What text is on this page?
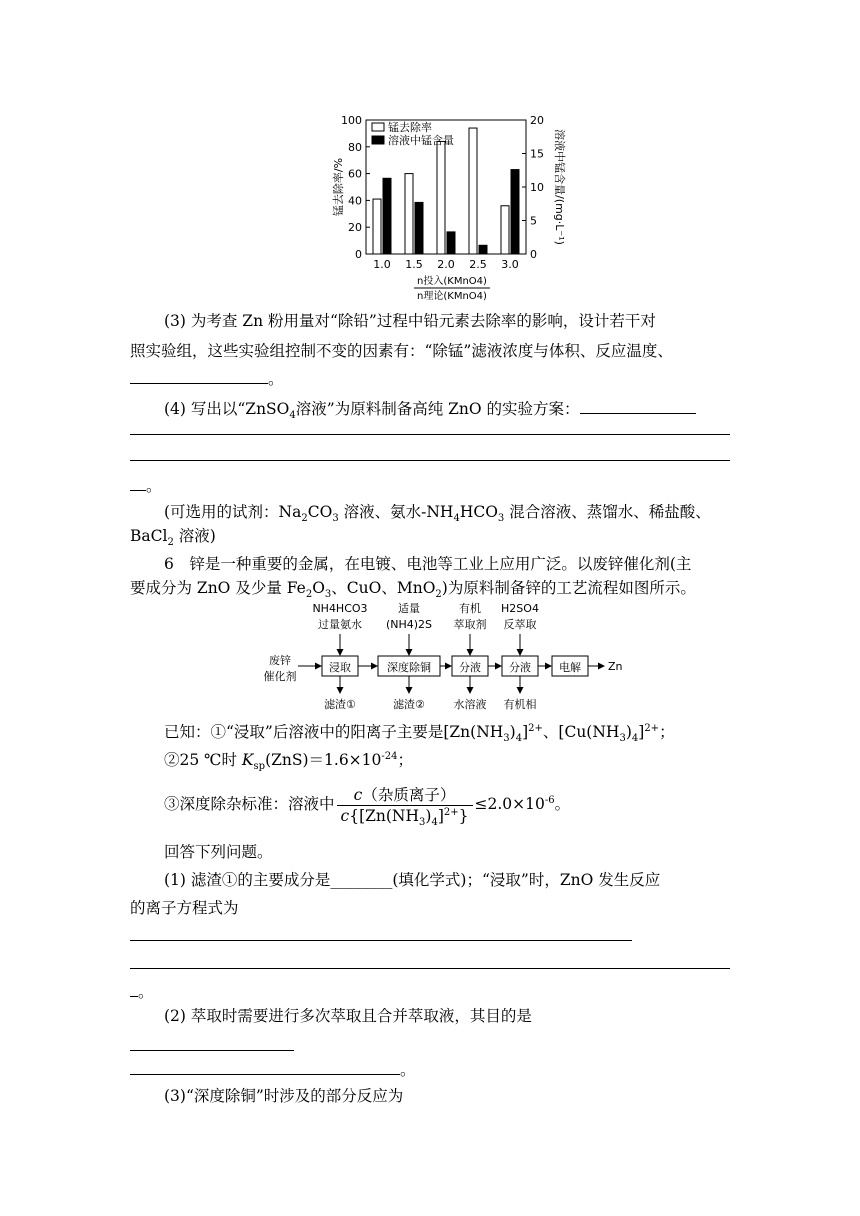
0
20
40
60
80
100
0
5
10
15
20
1.0 1.5 2.0 2.5 3.0
锰去除率
溶液中锰含量
锰去除率/%	溶液中锰含量/(mg·L⁻¹)
n投入(KMnO4)
n理论(KMnO4)
(3) 为考查 Zn 粉用量对“除铅”过程中铅元素去除率的影响，设计若干对
照实验组，这些实验组控制不变的因素有：“除锰”滤液浓度与体积、反应温度、
。
(4) 写出以“ZnSO$_4$溶液”为原料制备高纯 ZnO 的实验方案：
。
(可选用的试剂：$Na_2CO_3$ 溶液、氨水$-NH_4HCO_3$ 混合溶液、蒸馏水、稀盐酸、
BaCl$_2$ 溶液)
6　锌是一种重要的金属，在电镀、电池等工业上应用广泛。以废锌催化剂(主
要成分为 ZnO 及少量 $Fe_2O_3$、CuO、MnO$_2$)为原料制备锌的工艺流程如图所示。
NH4HCO3
过量氨水
适量
(NH4)2S
有机
萃取剂
H2SO4
反萃取
废锌
催化剂
浸取	深度除铜	分液	分液	电解 Zn
滤渣①	滤渣②	水溶液 有机相
已知：①“浸取”后溶液中的阳离子主要是$[Zn(NH_3)_4]^{2+}$、$[Cu(NH_3)_4]^{2+}$；
②25 ℃时 $K_{sp}(ZnS)=1.6\times 10^{-24}$；
③深度除杂标准：溶液中 $\frac{\text{c（杂质离子）}}{c\{[Zn(NH_3)_4]^{2+}\}} \le 2.0\times 10^{-6}$。
回答下列问题。
(1) 滤渣①的主要成分是________(填化学式)；“浸取”时，ZnO 发生反应
的离子方程式为
。
(2) 萃取时需要进行多次萃取且合并萃取液，其目的是
。
(3)“深度除铜”时涉及的部分反应为
